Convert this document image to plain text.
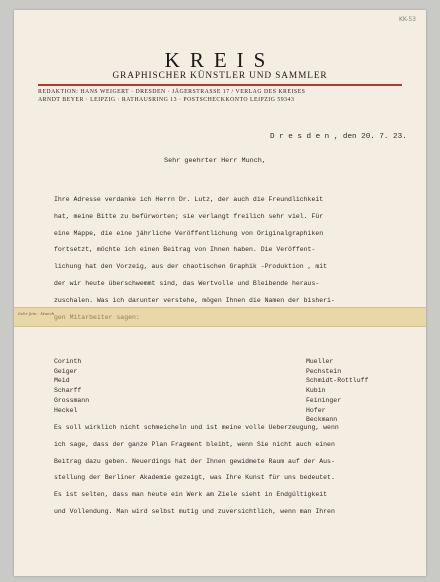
KK-53
KREIS
GRAPHISCHER KÜNSTLER UND SAMMLER
REDAKTION: HANS WEIGERT · DRESDEN · JÄGERSTRASSE 17 / VERLAG DES KREISES
ARNDT BEYER · LEIPZIG · RATHAUSRING 13 · POSTSCHECKKONTO LEIPZIG 59343
D r e s d e n , den 20. 7. 23.
Sehr geehrter Herr Munch,
Ihre Adresse verdanke ich Herrn Dr. Lutz, der auch die Freundlichkeit
hat, meine Bitte zu befürworten; sie verlangt freilich sehr viel. Für
eine Mappe, die eine jährliche Veröffentlichung von Originalgraphiken
fortsetzt, möchte ich einen Beitrag von Ihnen haben. Die Veröffent-
lichung hat den Vorzeig, aus der chaotischen Graphik -Produktion , mit
der wir heute überschwemmt sind, das Wertvolle und Bleibende heraus-
zuschalen. Was ich darunter verstehe, mögen Ihnen die Namen der bisheri-
Sehr fein · Munch
Corinth
Geiger
Meid
Scharff
Grossmann
Heckel
Mueller
Pechstein
Schmidt-Rottluff
Kubin
Feininger
Hofer
Beckmann
Es soll wirklich nicht schmeicheln und ist meine volle Ueberzeugung, wenn
ich sage, dass der ganze Plan Fragment bleibt, wenn Sie nicht auch einen
Beitrag dazu geben. Neuerdings hat der Ihnen gewidmete Raum auf der Aus-
stellung der Berliner Akademie gezeigt, was Ihre Kunst für uns bedeutet.
Es ist selten, dass man heute ein Werk am Ziele sieht in Endgültigkeit
und Vollendung. Man wird selbst mutig und zuversichtlich, wenn man Ihren
